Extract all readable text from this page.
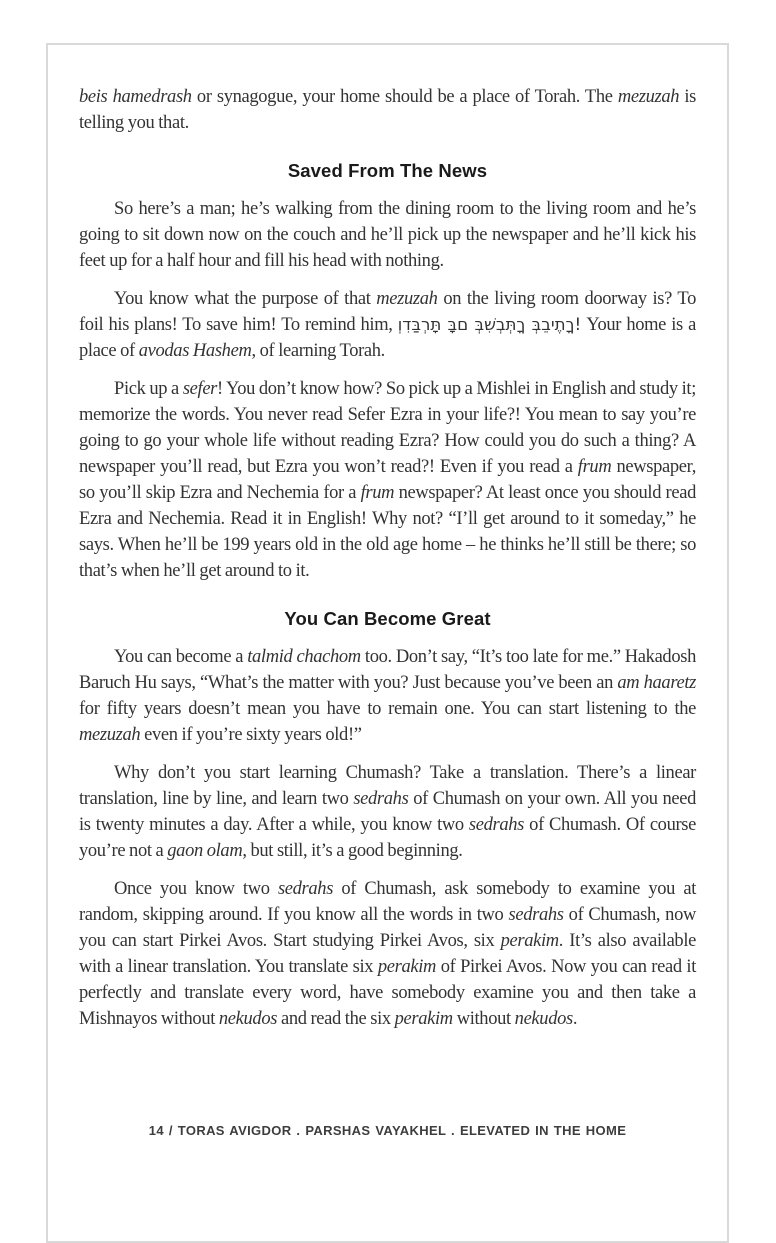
beis hamedrash or synagogue, your home should be a place of Torah. The mezuzah is telling you that.

Saved From The News

So here’s a man; he’s walking from the dining room to the living room and he’s going to sit down now on the couch and he’ll pick up the newspaper and he’ll kick his feet up for a half hour and fill his head with nothing.

You know what the purpose of that mezuzah on the living room doorway is? To foil his plans! To save him! To remind him, וְדִבַּרְתָּ בָּם בְּשִׁבְתְּךָ בְּבֵיתֶךָ! Your home is a place of avodas Hashem, of learning Torah.

Pick up a sefer! You don’t know how? So pick up a Mishlei in English and study it; memorize the words. You never read Sefer Ezra in your life?! You mean to say you’re going to go your whole life without reading Ezra? How could you do such a thing? A newspaper you’ll read, but Ezra you won’t read?! Even if you read a frum newspaper, so you’ll skip Ezra and Nechemia for a frum newspaper? At least once you should read Ezra and Nechemia. Read it in English! Why not? “I’ll get around to it someday,” he says. When he’ll be 199 years old in the old age home – he thinks he’ll still be there; so that’s when he’ll get around to it.

You Can Become Great

You can become a talmid chachom too. Don’t say, “It’s too late for me.” Hakadosh Baruch Hu says, “What’s the matter with you? Just because you’ve been an am haaretz for fifty years doesn’t mean you have to remain one. You can start listening to the mezuzah even if you’re sixty years old!”

Why don’t you start learning Chumash? Take a translation. There’s a linear translation, line by line, and learn two sedrahs of Chumash on your own. All you need is twenty minutes a day. After a while, you know two sedrahs of Chumash. Of course you’re not a gaon olam, but still, it’s a good beginning.

Once you know two sedrahs of Chumash, ask somebody to examine you at random, skipping around. If you know all the words in two sedrahs of Chumash, now you can start Pirkei Avos. Start studying Pirkei Avos, six perakim. It’s also available with a linear translation. You translate six perakim of Pirkei Avos. Now you can read it perfectly and translate every word, have somebody examine you and then take a Mishnayos without nekudos and read the six perakim without nekudos.

14 / TORAS AVIGDOR . PARSHAS VAYAKHEL . ELEVATED IN THE HOME
